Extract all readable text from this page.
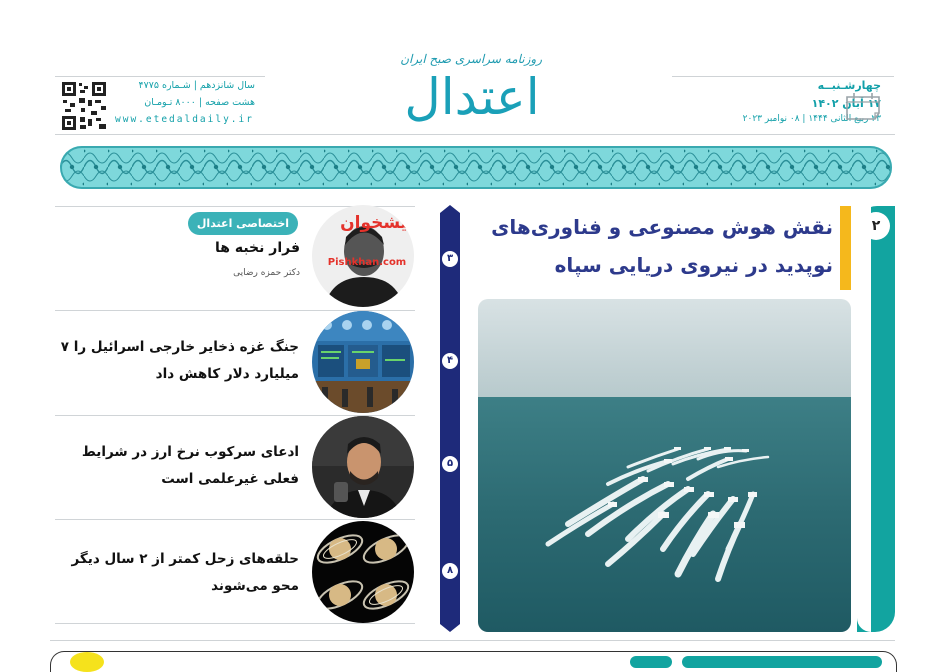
روزنامه سراسری صبح ایران
اعتدال	چهارشـنبــه
۱۷ آبان ۱۴۰۲
۲۳ ربیع الثانی ۱۴۴۴ | ۰۸ نوامبر ۲۰۲۳
سال شانزدهم | شـماره ۴۷۷۵
هشت صفحه | ۸۰۰۰ تـومـان
www.etedaldaily.ir
۲
نقش هوش مصنوعی و فناوری‌های نوپدید در نیروی دریایی سپاه
۳
۴
۵
۸
اختصاصی اعتدال
فرار نخبه ها
دکتر حمزه رضایی
پیشخوان
Pishkhan.com
جنگ غزه ذخایر خارجی اسرائیل را ۷ میلیارد دلار کاهش داد
ادعای سرکوب نرخ ارز در شرایط فعلی غیرعلمی است
حلقه‌های زحل کمتر از ۲ سال دیگر محو می‌شوند
